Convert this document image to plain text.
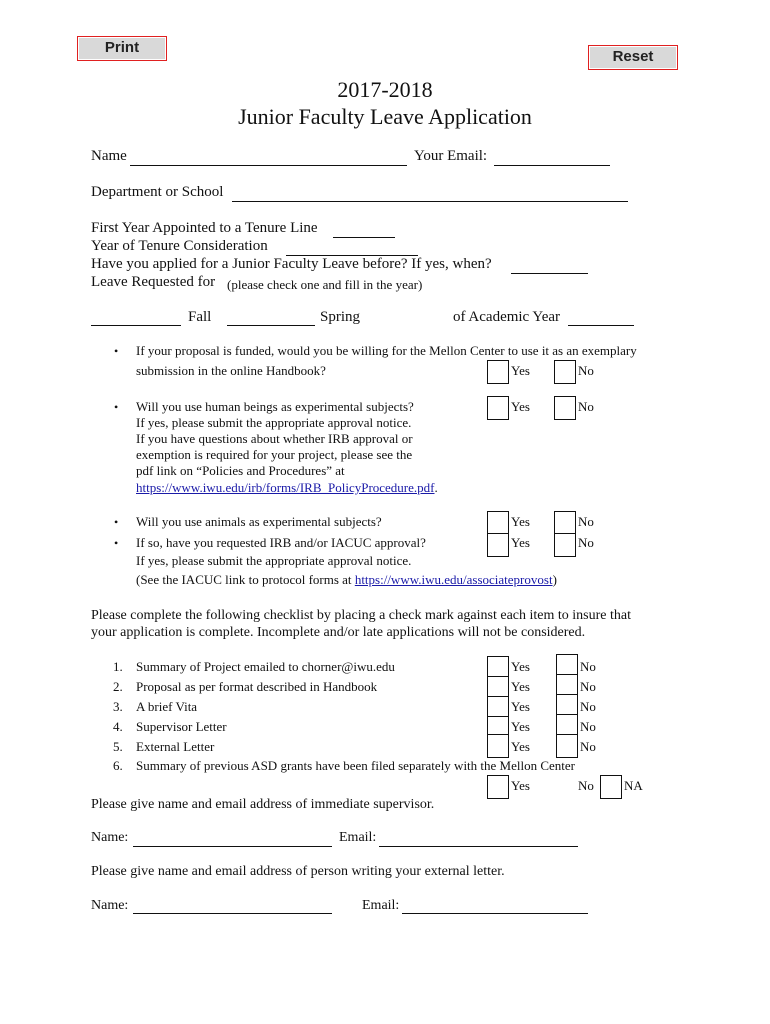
Print
Reset
2017-2018
Junior Faculty Leave Application
Name	Your Email:
Department or School
First Year Appointed to a Tenure Line
Year of Tenure Consideration
Have you applied for a Junior Faculty Leave before? If yes, when?
Leave Requested for (please check one and fill in the year)
Fall	Spring	of Academic Year
• If your proposal is funded, would you be willing for the Mellon Center to use it as an exemplary
submission in the online Handbook?	Yes	No
• Will you use human beings as experimental subjects?
If yes, please submit the appropriate approval notice.
If you have questions about whether IRB approval or
exemption is required for your project, please see the
pdf link on “Policies and Procedures” at
https://www.iwu.edu/irb/forms/IRB_PolicyProcedure.pdf.
Yes	No
• Will you use animals as experimental subjects?	Yes	No
• If so, have you requested IRB and/or IACUC approval?
If yes, please submit the appropriate approval notice.
(See the IACUC link to protocol forms at https://www.iwu.edu/associateprovost)
Yes	No
Please complete the following checklist by placing a check mark against each item to insure that
your application is complete. Incomplete and/or late applications will not be considered.
1. Summary of Project emailed to chorner@iwu.edu	Yes	No
2. Proposal as per format described in Handbook	Yes	No
3. A brief Vita	Yes	No
4. Supervisor Letter	Yes	No
5. External Letter	Yes	No
6. Summary of previous ASD grants have been filed separately with the Mellon Center
Yes	No NA
Please give name and email address of immediate supervisor.
Name:	Email:
Please give name and email address of person writing your external letter.
Name:	Email:
